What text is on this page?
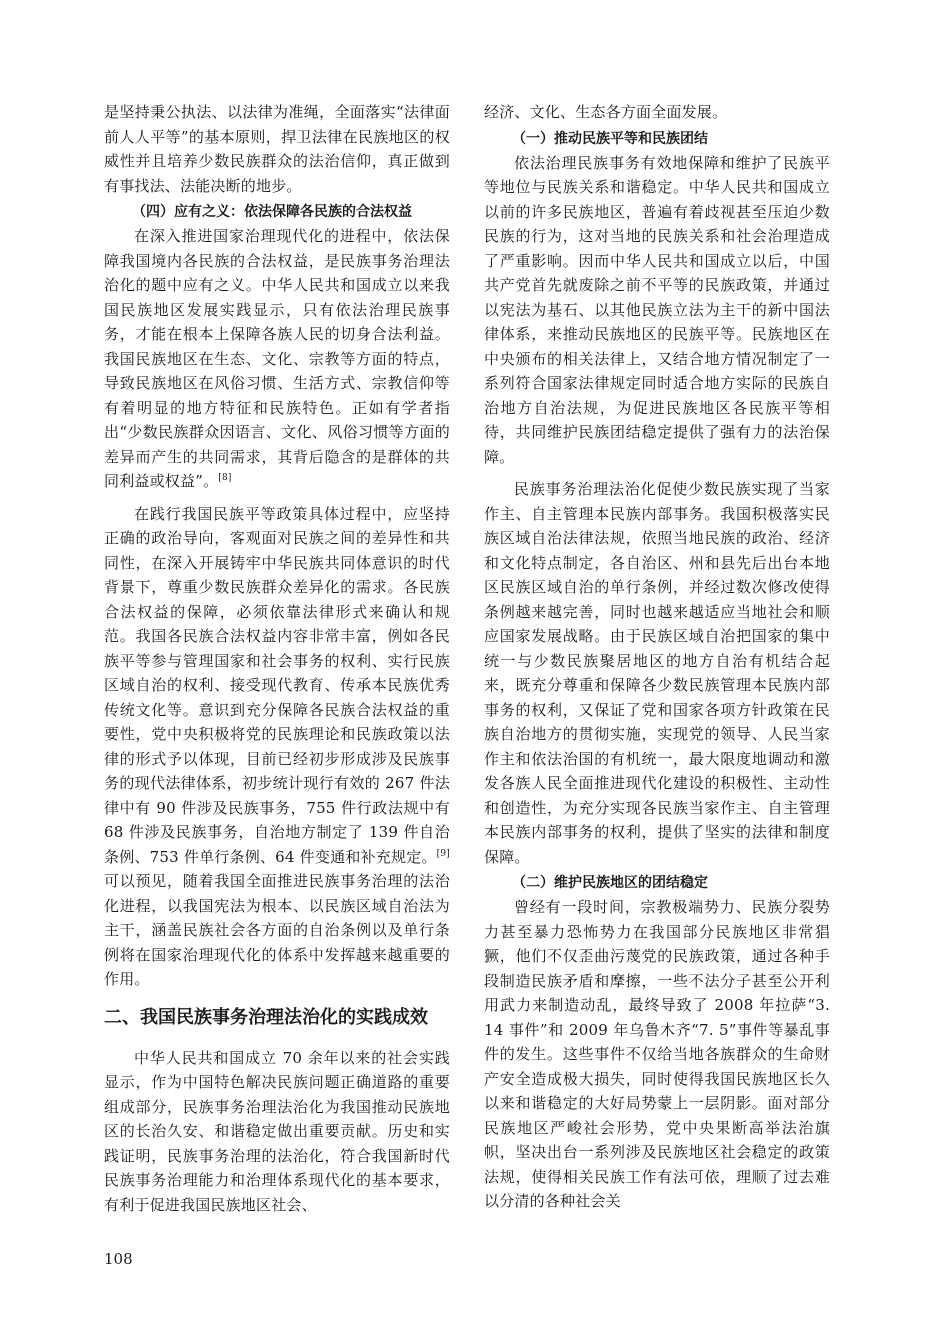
是坚持秉公执法、以法律为准绳，全面落实“法律面前人人平等”的基本原则，捍卫法律在民族地区的权威性并且培养少数民族群众的法治信仰，真正做到有事找法、法能决断的地步。

（四）应有之义：依法保障各民族的合法权益

在深入推进国家治理现代化的进程中，依法保障我国境内各民族的合法权益，是民族事务治理法治化的题中应有之义。中华人民共和国成立以来我国民族地区发展实践显示，只有依法治理民族事务，才能在根本上保障各族人民的切身合法利益。我国民族地区在生态、文化、宗教等方面的特点，导致民族地区在风俗习惯、生活方式、宗教信仰等有着明显的地方特征和民族特色。正如有学者指出“少数民族群众因语言、文化、风俗习惯等方面的差异而产生的共同需求，其背后隐含的是群体的共同利益或权益”。[8]

在践行我国民族平等政策具体过程中，应坚持正确的政治导向，客观面对民族之间的差异性和共同性，在深入开展铸牢中华民族共同体意识的时代背景下，尊重少数民族群众差异化的需求。各民族合法权益的保障，必须依靠法律形式来确认和规范。我国各民族合法权益内容非常丰富，例如各民族平等参与管理国家和社会事务的权利、实行民族区域自治的权利、接受现代教育、传承本民族优秀传统文化等。意识到充分保障各民族合法权益的重要性，党中央积极将党的民族理论和民族政策以法律的形式予以体现，目前已经初步形成涉及民族事务的现代法律体系，初步统计现行有效的 267 件法律中有 90 件涉及民族事务，755 件行政法规中有 68 件涉及民族事务，自治地方制定了 139 件自治条例、753 件单行条例、64 件变通和补充规定。[9]可以预见，随着我国全面推进民族事务治理的法治化进程，以我国宪法为根本、以民族区域自治法为主干，涵盖民族社会各方面的自治条例以及单行条例将在国家治理现代化的体系中发挥越来越重要的作用。

二、我国民族事务治理法治化的实践成效

中华人民共和国成立 70 余年以来的社会实践显示，作为中国特色解决民族问题正确道路的重要组成部分，民族事务治理法治化为我国推动民族地区的长治久安、和谐稳定做出重要贡献。历史和实践证明，民族事务治理的法治化，符合我国新时代民族事务治理能力和治理体系现代化的基本要求，有利于促进我国民族地区社会、

经济、文化、生态各方面全面发展。

（一）推动民族平等和民族团结

依法治理民族事务有效地保障和维护了民族平等地位与民族关系和谐稳定。中华人民共和国成立以前的许多民族地区，普遍有着歧视甚至压迫少数民族的行为，这对当地的民族关系和社会治理造成了严重影响。因而中华人民共和国成立以后，中国共产党首先就废除之前不平等的民族政策，并通过以宪法为基石、以其他民族立法为主干的新中国法律体系，来推动民族地区的民族平等。民族地区在中央颁布的相关法律上，又结合地方情况制定了一系列符合国家法律规定同时适合地方实际的民族自治地方自治法规，为促进民族地区各民族平等相待，共同维护民族团结稳定提供了强有力的法治保障。

民族事务治理法治化促使少数民族实现了当家作主、自主管理本民族内部事务。我国积极落实民族区域自治法律法规，依照当地民族的政治、经济和文化特点制定，各自治区、州和县先后出台本地区民族区域自治的单行条例，并经过数次修改使得条例越来越完善，同时也越来越适应当地社会和顺应国家发展战略。由于民族区域自治把国家的集中统一与少数民族聚居地区的地方自治有机结合起来，既充分尊重和保障各少数民族管理本民族内部事务的权利，又保证了党和国家各项方针政策在民族自治地方的贯彻实施，实现党的领导、人民当家作主和依法治国的有机统一，最大限度地调动和激发各族人民全面推进现代化建设的积极性、主动性和创造性，为充分实现各民族当家作主、自主管理本民族内部事务的权利，提供了坚实的法律和制度保障。

（二）维护民族地区的团结稳定

曾经有一段时间，宗教极端势力、民族分裂势力甚至暴力恐怖势力在我国部分民族地区非常猖獗，他们不仅歪曲污蔑党的民族政策，通过各种手段制造民族矛盾和摩擦，一些不法分子甚至公开利用武力来制造动乱，最终导致了 2008 年拉萨“3. 14 事件”和 2009 年乌鲁木齐“7. 5”事件等暴乱事件的发生。这些事件不仅给当地各族群众的生命财产安全造成极大损失，同时使得我国民族地区长久以来和谐稳定的大好局势蒙上一层阴影。面对部分民族地区严峻社会形势，党中央果断高举法治旗帜，坚决出台一系列涉及民族地区社会稳定的政策法规，使得相关民族工作有法可依，理顺了过去难以分清的各种社会关

108
